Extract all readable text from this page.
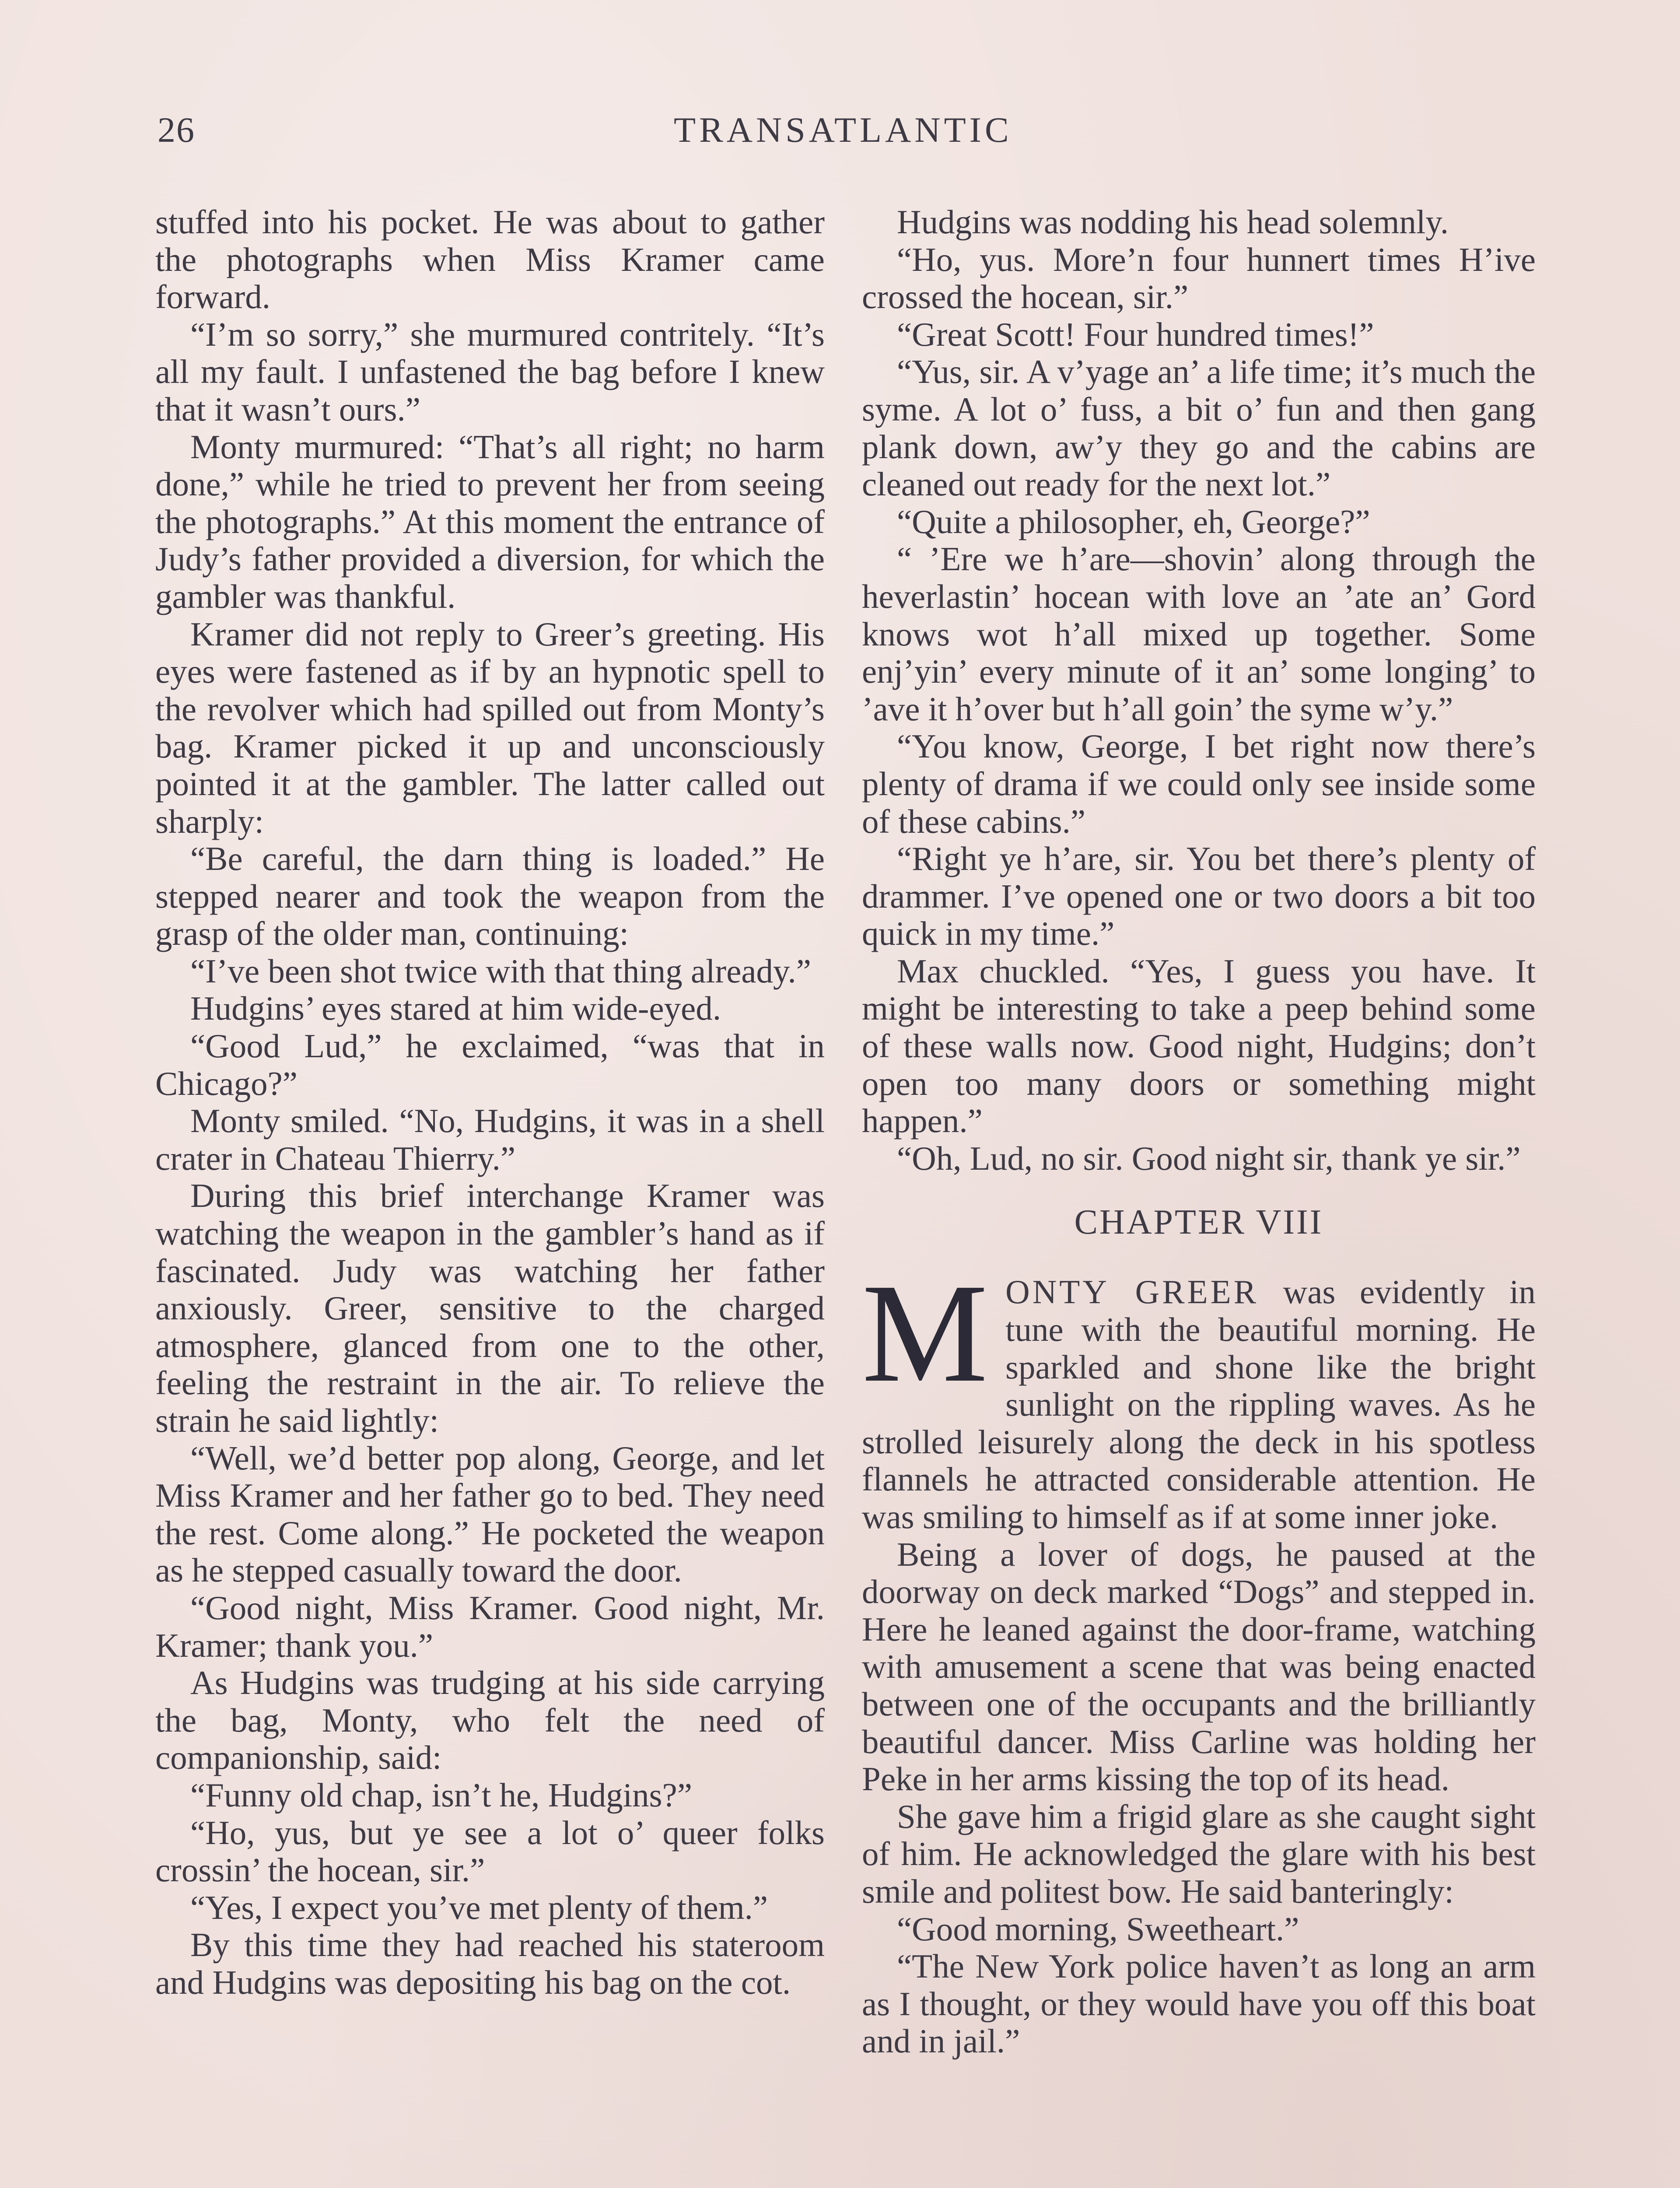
26	TRANSATLANTIC

stuffed into his pocket. He was about to gather the photographs when Miss Kramer came forward.

“I’m so sorry,” she murmured contritely. “It’s all my fault. I unfastened the bag before I knew that it wasn’t ours.”

Monty murmured: “That’s all right; no harm done,” while he tried to prevent her from seeing the photographs.” At this moment the entrance of Judy’s father provided a diversion, for which the gambler was thankful.

Kramer did not reply to Greer’s greeting. His eyes were fastened as if by an hypnotic spell to the revolver which had spilled out from Monty’s bag. Kramer picked it up and unconsciously pointed it at the gambler. The latter called out sharply:

“Be careful, the darn thing is loaded.” He stepped nearer and took the weapon from the grasp of the older man, continuing:

“I’ve been shot twice with that thing already.”

Hudgins’ eyes stared at him wide-eyed.

“Good Lud,” he exclaimed, “was that in Chicago?”

Monty smiled. “No, Hudgins, it was in a shell crater in Chateau Thierry.”

During this brief interchange Kramer was watching the weapon in the gambler’s hand as if fascinated. Judy was watching her father anxiously. Greer, sensitive to the charged atmosphere, glanced from one to the other, feeling the restraint in the air. To relieve the strain he said lightly:

“Well, we’d better pop along, George, and let Miss Kramer and her father go to bed. They need the rest. Come along.” He pocketed the weapon as he stepped casually toward the door.

“Good night, Miss Kramer. Good night, Mr. Kramer; thank you.”

As Hudgins was trudging at his side carrying the bag, Monty, who felt the need of companionship, said:

“Funny old chap, isn’t he, Hudgins?”

“Ho, yus, but ye see a lot o’ queer folks crossin’ the hocean, sir.”

“Yes, I expect you’ve met plenty of them.”

By this time they had reached his stateroom and Hudgins was depositing his bag on the cot.

Hudgins was nodding his head solemnly.

“Ho, yus. More’n four hunnert times H’ive crossed the hocean, sir.”

“Great Scott! Four hundred times!”

“Yus, sir. A v’yage an’ a life time; it’s much the syme. A lot o’ fuss, a bit o’ fun and then gang plank down, aw’y they go and the cabins are cleaned out ready for the next lot.”

“Quite a philosopher, eh, George?”

“ ’Ere we h’are—shovin’ along through the heverlastin’ hocean with love an ’ate an’ Gord knows wot h’all mixed up together. Some enj’yin’ every minute of it an’ some longing’ to ’ave it h’over but h’all goin’ the syme w’y.”

“You know, George, I bet right now there’s plenty of drama if we could only see inside some of these cabins.”

“Right ye h’are, sir. You bet there’s plenty of drammer. I’ve opened one or two doors a bit too quick in my time.”

Max chuckled. “Yes, I guess you have. It might be interesting to take a peep behind some of these walls now. Good night, Hudgins; don’t open too many doors or something might happen.”

“Oh, Lud, no sir. Good night sir, thank ye sir.”

CHAPTER VIII

MONTY GREER was evidently in tune with the beautiful morning. He sparkled and shone like the bright sunlight on the rippling waves. As he strolled leisurely along the deck in his spotless flannels he attracted considerable attention. He was smiling to himself as if at some inner joke.

Being a lover of dogs, he paused at the doorway on deck marked “Dogs” and stepped in. Here he leaned against the door-frame, watching with amusement a scene that was being enacted between one of the occupants and the brilliantly beautiful dancer. Miss Carline was holding her Peke in her arms kissing the top of its head.

She gave him a frigid glare as she caught sight of him. He acknowledged the glare with his best smile and politest bow. He said banteringly:

“Good morning, Sweetheart.”

“The New York police haven’t as long an arm as I thought, or they would have you off this boat and in jail.”
